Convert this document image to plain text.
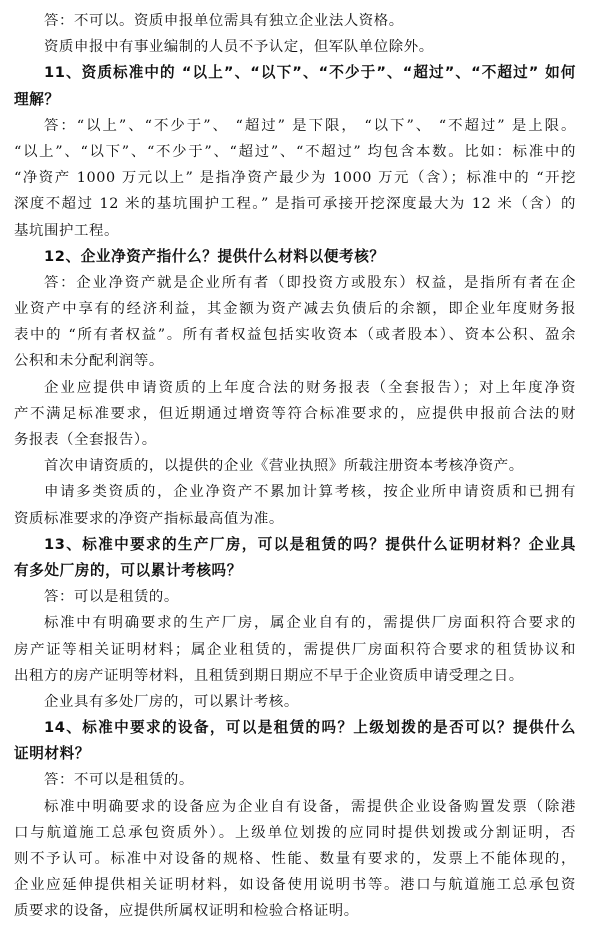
答：不可以。资质申报单位需具有独立企业法人资格。
资质申报中有事业编制的人员不予认定，但军队单位除外。
11、资质标准中的 “以上”、“以下”、“不少于”、“超过”、“不超过” 如何
理解？
答：“以上”、“不少于”、 “超过” 是下限， “以下”、 “不超过” 是上限。
“以上”、“以下”、“不少于”、“超过”、“不超过” 均包含本数。比如：标准中的
“净资产 1000 万元以上” 是指净资产最少为 1000 万元（含）；标准中的 “开挖
深度不超过 12 米的基坑围护工程。” 是指可承接开挖深度最大为 12 米（含）的
基坑围护工程。
12、企业净资产指什么？提供什么材料以便考核？
答：企业净资产就是企业所有者（即投资方或股东）权益，是指所有者在企
业资产中享有的经济利益，其金额为资产减去负债后的余额，即企业年度财务报
表中的 “所有者权益”。所有者权益包括实收资本（或者股本）、资本公积、盈余
公积和未分配利润等。
企业应提供申请资质的上年度合法的财务报表（全套报告）；对上年度净资
产不满足标准要求，但近期通过增资等符合标准要求的，应提供申报前合法的财
务报表（全套报告）。
首次申请资质的，以提供的企业《营业执照》所载注册资本考核净资产。
申请多类资质的，企业净资产不累加计算考核，按企业所申请资质和已拥有
资质标准要求的净资产指标最高值为准。
13、标准中要求的生产厂房，可以是租赁的吗？提供什么证明材料？企业具
有多处厂房的，可以累计考核吗？
答：可以是租赁的。
标准中有明确要求的生产厂房，属企业自有的，需提供厂房面积符合要求的
房产证等相关证明材料；属企业租赁的，需提供厂房面积符合要求的租赁协议和
出租方的房产证明等材料，且租赁到期日期应不早于企业资质申请受理之日。
企业具有多处厂房的，可以累计考核。
14、标准中要求的设备，可以是租赁的吗？上级划拨的是否可以？提供什么
证明材料？
答：不可以是租赁的。
标准中明确要求的设备应为企业自有设备，需提供企业设备购置发票（除港
口与航道施工总承包资质外）。上级单位划拨的应同时提供划拨或分割证明，否
则不予认可。标准中对设备的规格、性能、数量有要求的，发票上不能体现的，
企业应延伸提供相关证明材料，如设备使用说明书等。港口与航道施工总承包资
质要求的设备，应提供所属权证明和检验合格证明。
